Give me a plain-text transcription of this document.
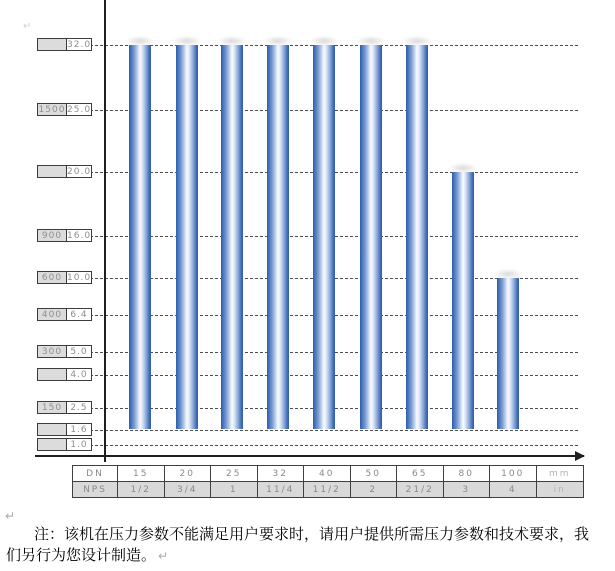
↵
32.0
1500 25.0
20.0
900 16.0
600 10.0
400 6.4
300 5.0
4.0
150 2.5
1.6
1.0
DN	15	20	25	32	40	50	65	80	100	mm
NPS	1/2	3/4	1	11/4	11/2	2	21/2	3	4	in
↵
注：该机在压力参数不能满足用户要求时，请用户提供所需压力参数和技术要求，我
们另行为您设计制造。 ↵
